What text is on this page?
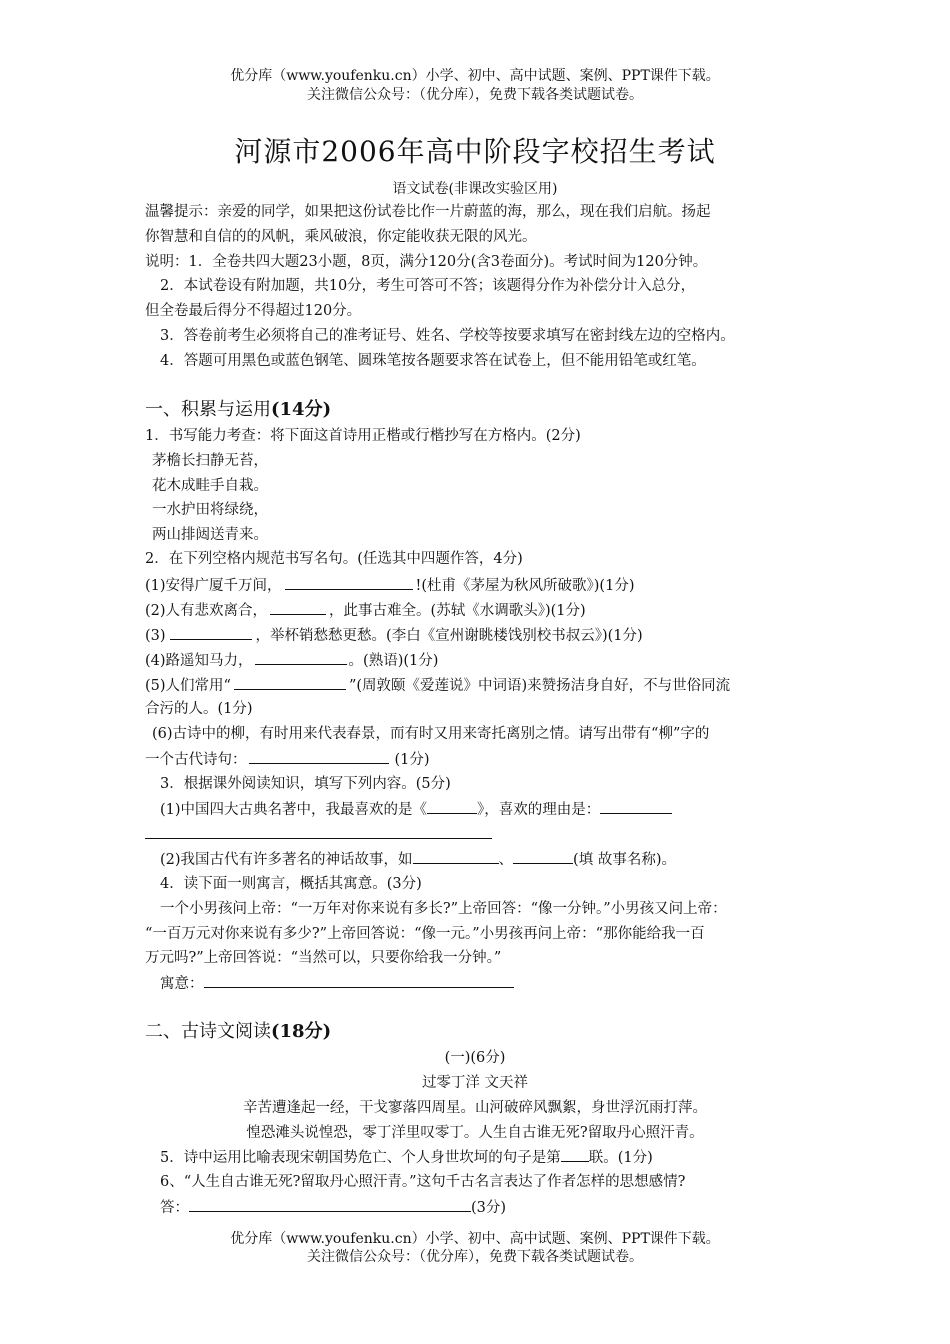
优分库（www.youfenku.cn）小学、初中、高中试题、案例、PPT课件下载。
关注微信公众号：（优分库），免费下载各类试题试卷。
河源市2006年高中阶段字校招生考试
语文试卷(非课改实验区用)
温馨提示：亲爱的同学，如果把这份试卷比作一片蔚蓝的海，那么，现在我们启航。扬起
你智慧和自信的的风帆，乘风破浪，你定能收获无限的风光。
说明：1．全卷共四大题23小题，8页，满分120分(含3卷面分)。考试时间为120分钟。
2．本试卷设有附加题，共10分，考生可答可不答；该题得分作为补偿分计入总分，
但全卷最后得分不得超过120分。
3．答卷前考生必须将自己的准考证号、姓名、学校等按要求填写在密封线左边的空格内。
4．答题可用黑色或蓝色钢笔、圆珠笔按各题要求答在试卷上，但不能用铅笔或红笔。
一、积累与运用(14分)
1．书写能力考查：将下面这首诗用正楷或行楷抄写在方格内。(2分)
茅檐长扫静无苔，
花木成畦手自栽。
一水护田将绿绕，
两山排闼送青来。
2．在下列空格内规范书写名句。(任选其中四题作答，4分)
(1)安得广厦千万间，	!(杜甫《茅屋为秋风所破歌》)(1分)
(2)人有悲欢离合，	，此事古难全。(苏轼《水调歌头》)(1分)
(3)	，举杯销愁愁更愁。(李白《宣州谢眺楼饯别校书叔云》)(1分)
(4)路遥知马力，	。(熟语)(1分)
(5)人们常用“	”(周敦颐《爱莲说》中词语)来赞扬洁身自好，不与世俗同流
合污的人。(1分)
(6)古诗中的柳，有时用来代表春景，而有时又用来寄托离别之情。请写出带有“柳”字的
一个古代诗句：	(1分)
3．根据课外阅读知识，填写下列内容。(5分)
(1)中国四大古典名著中，我最喜欢的是《	》，喜欢的理由是：
(2)我国古代有许多著名的神话故事，如	、	(填 故事名称)。
4．读下面一则寓言，概括其寓意。(3分)
一个小男孩问上帝：“一万年对你来说有多长?”上帝回答：“像一分钟。”小男孩又问上帝：
“一百万元对你来说有多少?”上帝回答说：“像一元。”小男孩再问上帝：“那你能给我一百
万元吗?”上帝回答说：“当然可以，只要你给我一分钟。”
寓意：
二、古诗文阅读(18分)
(一)(6分)
过零丁洋 文天祥
辛苦遭逢起一经，干戈寥落四周星。山河破碎风飘絮，身世浮沉雨打萍。
惶恐滩头说惶恐，零丁洋里叹零丁。人生自古谁无死?留取丹心照汗青。
5．诗中运用比喻表现宋朝国势危亡、个人身世坎坷的句子是第 联。(1分)
6、“人生自古谁无死?留取丹心照汗青。”这句千古名言表达了作者怎样的思想感情?
答：	(3分)
优分库（www.youfenku.cn）小学、初中、高中试题、案例、PPT课件下载。
关注微信公众号：（优分库），免费下载各类试题试卷。
